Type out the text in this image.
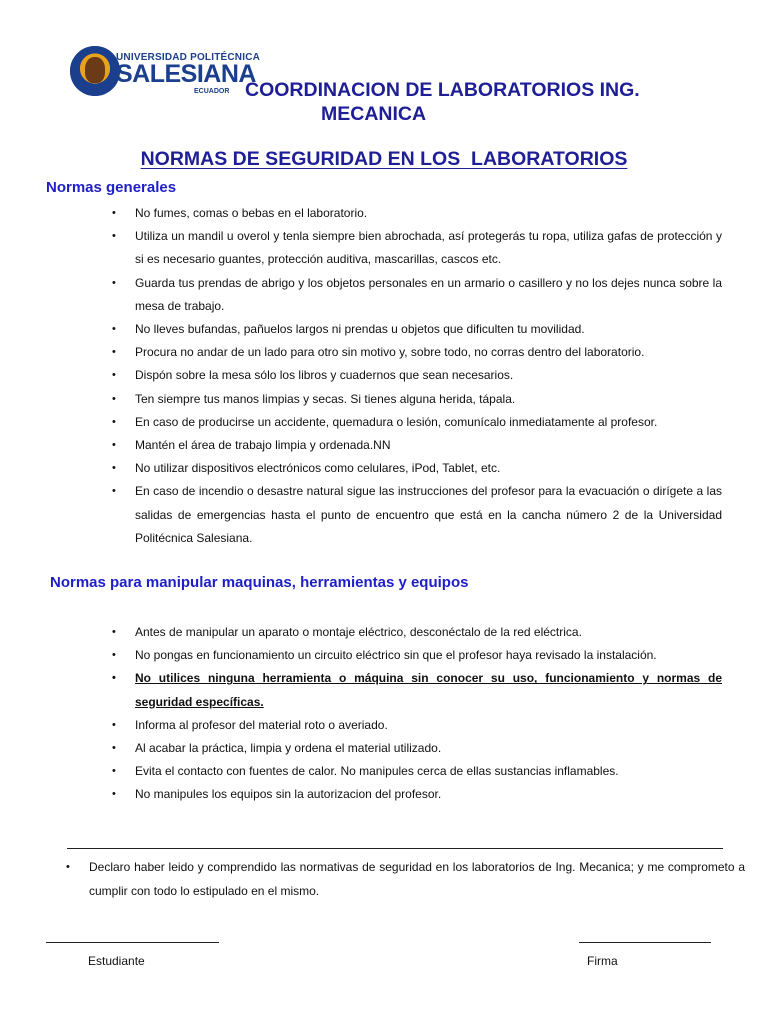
UNIVERSIDAD POLITÉCNICA
SALESIANA
ECUADOR COORDINACION DE LABORATORIOS ING.
MECANICA
NORMAS DE SEGURIDAD EN LOS  LABORATORIOS
Normas generales
• No fumes, comas o bebas en el laboratorio.
• Utiliza un mandil u overol y tenla siempre bien abrochada, así protegerás tu ropa, utiliza gafas de protección y si es necesario guantes, protección auditiva, mascarillas, cascos etc.
• Guarda tus prendas de abrigo y los objetos personales en un armario o casillero y no los dejes nunca sobre la mesa de trabajo.
• No lleves bufandas, pañuelos largos ni prendas u objetos que dificulten tu movilidad.
• Procura no andar de un lado para otro sin motivo y, sobre todo, no corras dentro del laboratorio.
• Dispón sobre la mesa sólo los libros y cuadernos que sean necesarios.
• Ten siempre tus manos limpias y secas. Si tienes alguna herida, tápala.
• En caso de producirse un accidente, quemadura o lesión, comunícalo inmediatamente al profesor.
• Mantén el área de trabajo limpia y ordenada.NN
• No utilizar dispositivos electrónicos como celulares, iPod, Tablet, etc.
• En caso de incendio o desastre natural sigue las instrucciones del profesor para la evacuación o dirígete a las salidas de emergencias hasta el punto de encuentro que está en la cancha número 2 de la Universidad Politécnica Salesiana.
Normas para manipular maquinas, herramientas y equipos
• Antes de manipular un aparato o montaje eléctrico, desconéctalo de la red eléctrica.
• No pongas en funcionamiento un circuito eléctrico sin que el profesor haya revisado la instalación.
• No utilices ninguna herramienta o máquina sin conocer su uso, funcionamiento y normas de seguridad específicas.
• Informa al profesor del material roto o averiado.
• Al acabar la práctica, limpia y ordena el material utilizado.
• Evita el contacto con fuentes de calor. No manipules cerca de ellas sustancias inflamables.
• No manipules los equipos sin la autorizacion del profesor.
• Declaro haber leido y comprendido las normativas de seguridad en los laboratorios de Ing. Mecanica; y me comprometo a cumplir con todo lo estipulado en el mismo.
Estudiante	Firma
